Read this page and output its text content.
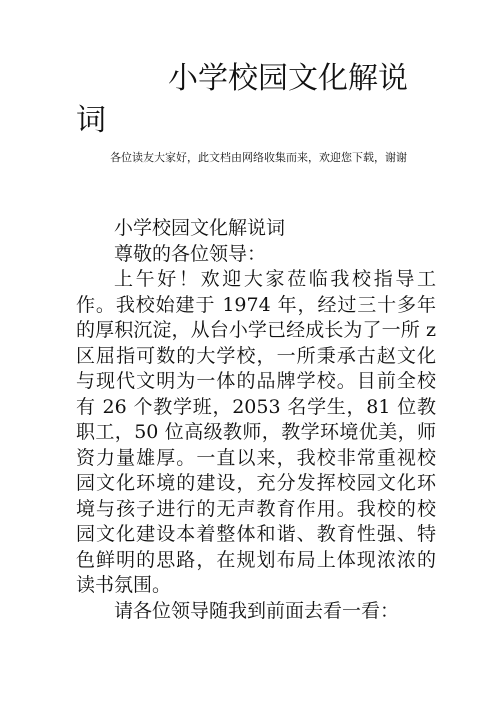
小学校园文化解说词

各位读友大家好，此文档由网络收集而来，欢迎您下载，谢谢

小学校园文化解说词

尊敬的各位领导：

上午好！欢迎大家莅临我校指导工作。我校始建于 1974 年，经过三十多年的厚积沉淀，从台小学已经成长为了一所 z 区屈指可数的大学校，一所秉承古赵文化与现代文明为一体的品牌学校。目前全校有 26 个教学班，2053 名学生，81 位教职工，50 位高级教师，教学环境优美，师资力量雄厚。一直以来，我校非常重视校园文化环境的建设，充分发挥校园文化环境与孩子进行的无声教育作用。我校的校园文化建设本着整体和谐、教育性强、特色鲜明的思路，在规划布局上体现浓浓的读书氛围。

请各位领导随我到前面去看一看：
